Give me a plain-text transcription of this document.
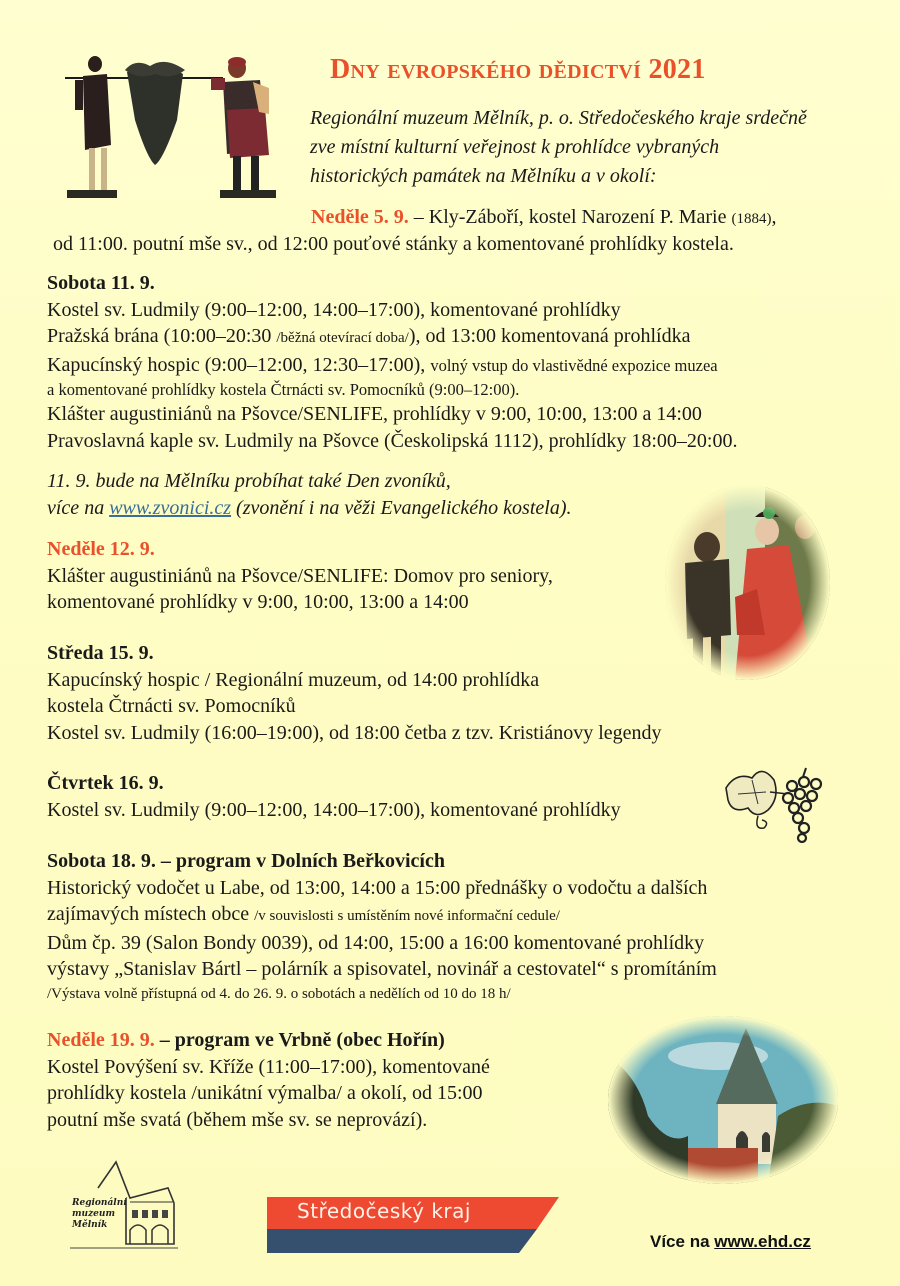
Dny evropského dědictví 2021
Regionální muzeum Mělník, p. o. Středočeského kraje srdečně
zve místní kulturní veřejnost k prohlídce vybraných
historických památek na Mělníku a v okolí:
Neděle 5. 9. – Kly-Záboří, kostel Narození P. Marie (1884),
od 11:00. poutní mše sv., od 12:00 pouťové stánky a komentované prohlídky kostela.
Sobota 11. 9.
Kostel sv. Ludmily (9:00–12:00, 14:00–17:00), komentované prohlídky
Pražská brána (10:00–20:30 /běžná otevírací doba/), od 13:00 komentovaná prohlídka
Kapucínský hospic (9:00–12:00, 12:30–17:00), volný vstup do vlastivědné expozice muzea
a komentované prohlídky kostela Čtrnácti sv. Pomocníků (9:00–12:00).
Klášter augustiniánů na Pšovce/SENLIFE, prohlídky v 9:00, 10:00, 13:00 a 14:00
Pravoslavná kaple sv. Ludmily na Pšovce (Českolipská 1112), prohlídky 18:00–20:00.
11. 9. bude na Mělníku probíhat také Den zvoníků,
více na www.zvonici.cz (zvonění i na věži Evangelického kostela).
Neděle 12. 9.
Klášter augustiniánů na Pšovce/SENLIFE: Domov pro seniory,
komentované prohlídky v 9:00, 10:00, 13:00 a 14:00
Středa 15. 9.
Kapucínský hospic / Regionální muzeum, od 14:00 prohlídka
kostela Čtrnácti sv. Pomocníků
Kostel sv. Ludmily (16:00–19:00), od 18:00 četba z tzv. Kristiánovy legendy
Čtvrtek 16. 9.
Kostel sv. Ludmily (9:00–12:00, 14:00–17:00), komentované prohlídky
Sobota 18. 9. – program v Dolních Beřkovicích
Historický vodočet u Labe, od 13:00, 14:00 a 15:00 přednášky o vodočtu a dalších
zajímavých místech obce /v souvislosti s umístěním nové informační cedule/
Dům čp. 39 (Salon Bondy 0039), od 14:00, 15:00 a 16:00 komentované prohlídky
výstavy „Stanislav Bártl – polárník a spisovatel, novinář a cestovatel“ s promítáním
/Výstava volně přístupná od 4. do 26. 9. o sobotách a nedělích od 10 do 18 h/
Neděle 19. 9. – program ve Vrbně (obec Hořín)
Kostel Povýšení sv. Kříže (11:00–17:00), komentované
prohlídky kostela /unikátní výmalba/ a okolí, od 15:00
poutní mše svatá (během mše sv. se neprovází).
Regionální
muzeum
Mělník
Středočeský kraj
Více na www.ehd.cz
